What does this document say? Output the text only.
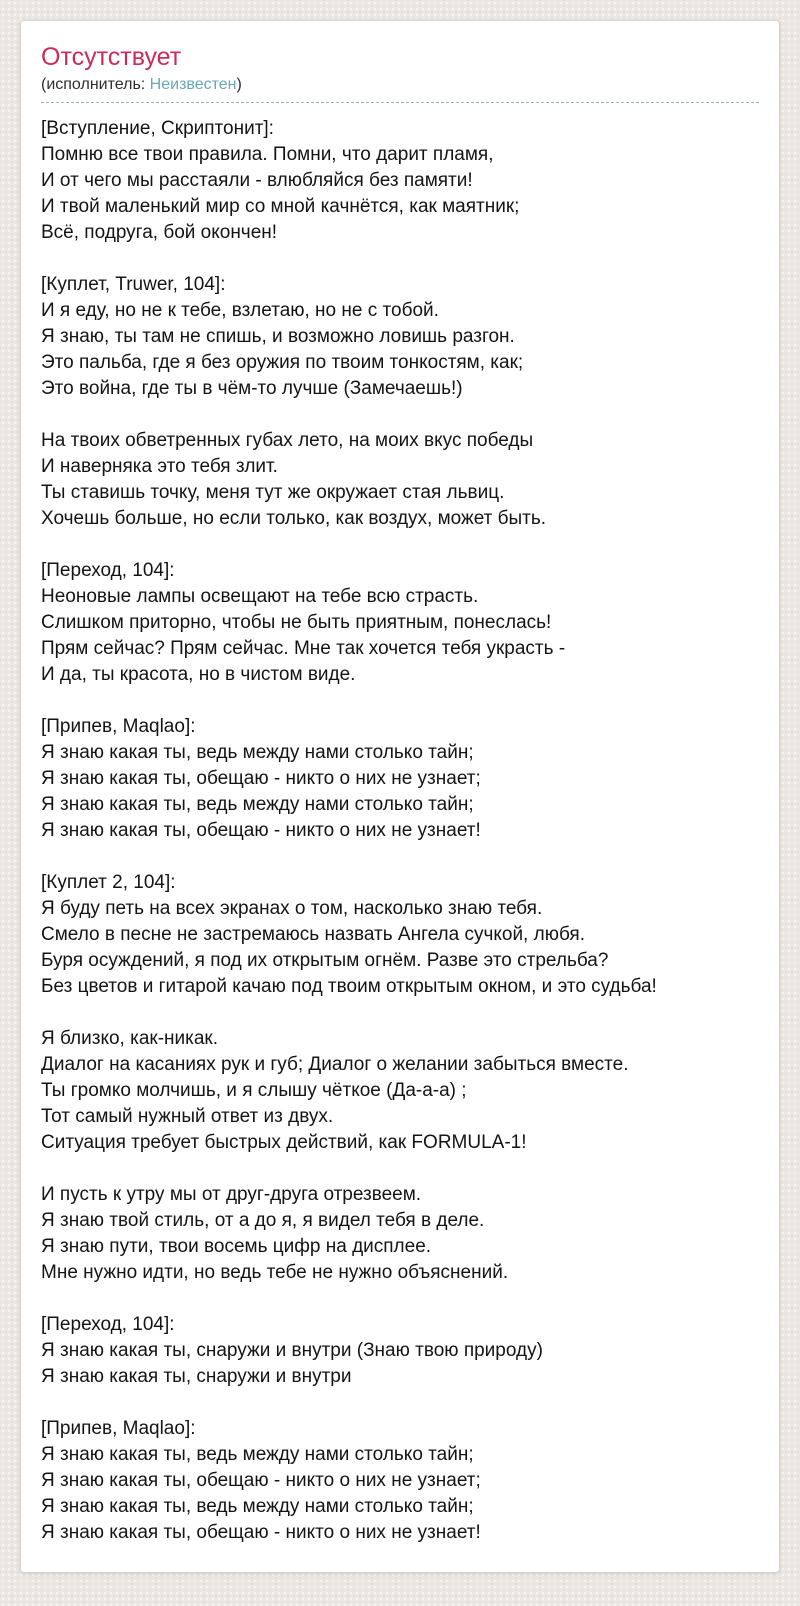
Отсутствует

(исполнитель: Неизвестен)

[Вступление, Скриптонит]:
Помню все твои правила. Помни, что дарит пламя,
И от чего мы расстаяли - влюбляйся без памяти!
И твой маленький мир со мной качнётся, как маятник;
Всё, подруга, бой окончен!

[Куплет, Truwer, 104]:
И я еду, но не к тебе, взлетаю, но не с тобой.
Я знаю, ты там не спишь, и возможно ловишь разгон.
Это пальба, где я без оружия по твоим тонкостям, как;
Это война, где ты в чём-то лучше (Замечаешь!)

На твоих обветренных губах лето, на моих вкус победы
И наверняка это тебя злит.
Ты ставишь точку, меня тут же окружает стая львиц.
Хочешь больше, но если только, как воздух, может быть.

[Переход, 104]:
Неоновые лампы освещают на тебе всю страсть.
Слишком приторно, чтобы не быть приятным, понеслась!
Прям сейчас? Прям сейчас. Мне так хочется тебя украсть -
И да, ты красота, но в чистом виде.

[Припев, Maqlao]:
Я знаю какая ты, ведь между нами столько тайн;
Я знаю какая ты, обещаю - никто о них не узнает;
Я знаю какая ты, ведь между нами столько тайн;
Я знаю какая ты, обещаю - никто о них не узнает!

[Куплет 2, 104]:
Я буду петь на всех экранах о том, насколько знаю тебя.
Смело в песне не застремаюсь назвать Ангела сучкой, любя.
Буря осуждений, я под их открытым огнём. Разве это стрельба?
Без цветов и гитарой качаю под твоим открытым окном, и это судьба!

Я близко, как-никак.
Диалог на касаниях рук и губ; Диалог о желании забыться вместе.
Ты громко молчишь, и я слышу чёткое (Да-а-а) ;
Тот самый нужный ответ из двух.
Ситуация требует быстрых действий, как FORMULA-1!

И пусть к утру мы от друг-друга отрезвеем.
Я знаю твой стиль, от а до я, я видел тебя в деле.
Я знаю пути, твои восемь цифр на дисплее.
Мне нужно идти, но ведь тебе не нужно объяснений.

[Переход, 104]:
Я знаю какая ты, снаружи и внутри (Знаю твою природу)
Я знаю какая ты, снаружи и внутри

[Припев, Maqlao]:
Я знаю какая ты, ведь между нами столько тайн;
Я знаю какая ты, обещаю - никто о них не узнает;
Я знаю какая ты, ведь между нами столько тайн;
Я знаю какая ты, обещаю - никто о них не узнает!
